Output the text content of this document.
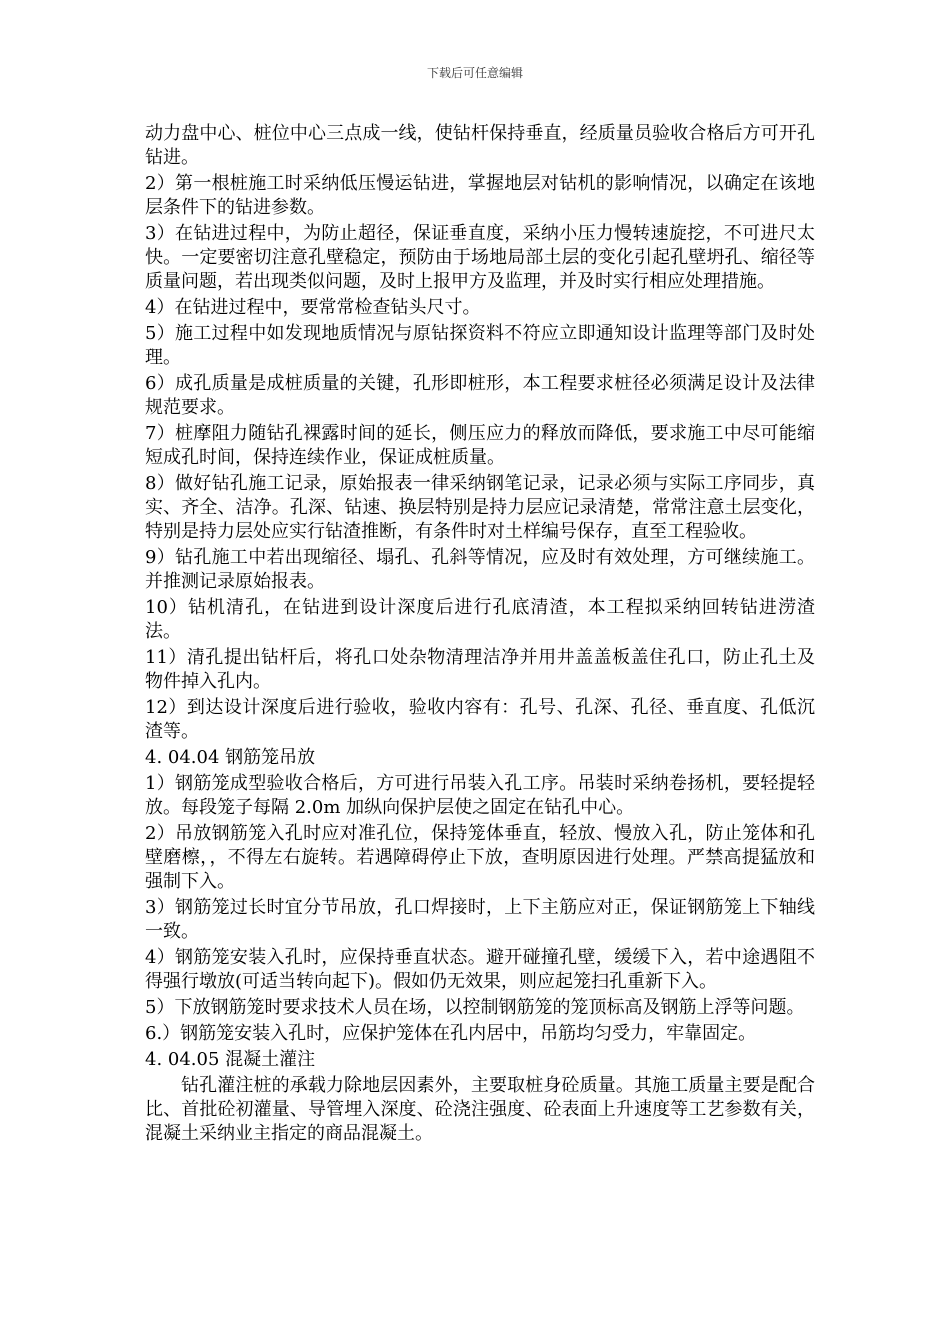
下载后可任意编辑

动力盘中心、桩位中心三点成一线，使钻杆保持垂直，经质量员验收合格后方可开孔钻进。

2）第一根桩施工时采纳低压慢运钻进，掌握地层对钻机的影响情况，以确定在该地层条件下的钻进参数。

3）在钻进过程中，为防止超径，保证垂直度，采纳小压力慢转速旋挖，不可进尺太快。一定要密切注意孔壁稳定，预防由于场地局部土层的变化引起孔壁坍孔、缩径等质量问题，若出现类似问题，及时上报甲方及监理，并及时实行相应处理措施。

4）在钻进过程中，要常常检查钻头尺寸。

5）施工过程中如发现地质情况与原钻探资料不符应立即通知设计监理等部门及时处理。

6）成孔质量是成桩质量的关键，孔形即桩形，本工程要求桩径必须满足设计及法律规范要求。

7）桩摩阻力随钻孔裸露时间的延长，侧压应力的释放而降低，要求施工中尽可能缩短成孔时间，保持连续作业，保证成桩质量。

8）做好钻孔施工记录，原始报表一律采纳钢笔记录，记录必须与实际工序同步，真实、齐全、洁净。孔深、钻速、换层特别是持力层应记录清楚，常常注意土层变化，特别是持力层处应实行钻渣推断，有条件时对土样编号保存，直至工程验收。

9）钻孔施工中若出现缩径、塌孔、孔斜等情况，应及时有效处理，方可继续施工。并推测记录原始报表。

10）钻机清孔，在钻进到设计深度后进行孔底清渣，本工程拟采纳回转钻进涝渣法。

11）清孔提出钻杆后，将孔口处杂物清理洁净并用井盖盖板盖住孔口，防止孔土及物件掉入孔内。

12）到达设计深度后进行验收，验收内容有：孔号、孔深、孔径、垂直度、孔低沉渣等。

4. 04.04 钢筋笼吊放

1）钢筋笼成型验收合格后，方可进行吊装入孔工序。吊装时采纳卷扬机，要轻提轻放。每段笼子每隔 2.0m 加纵向保护层使之固定在钻孔中心。

2）吊放钢筋笼入孔时应对准孔位，保持笼体垂直，轻放、慢放入孔，防止笼体和孔壁磨檫，，不得左右旋转。若遇障碍停止下放，查明原因进行处理。严禁高提猛放和强制下入。

3）钢筋笼过长时宜分节吊放，孔口焊接时，上下主筋应对正，保证钢筋笼上下轴线一致。

4）钢筋笼安装入孔时，应保持垂直状态。避开碰撞孔壁，缓缓下入，若中途遇阻不得强行墩放(可适当转向起下)。假如仍无效果，则应起笼扫孔重新下入。

5）下放钢筋笼时要求技术人员在场，以控制钢筋笼的笼顶标高及钢筋上浮等问题。

6.）钢筋笼安装入孔时，应保护笼体在孔内居中，吊筋均匀受力，牢靠固定。

4. 04.05 混凝土灌注

钻孔灌注桩的承载力除地层因素外，主要取桩身砼质量。其施工质量主要是配合比、首批砼初灌量、导管埋入深度、砼浇注强度、砼表面上升速度等工艺参数有关，混凝土采纳业主指定的商品混凝土。
